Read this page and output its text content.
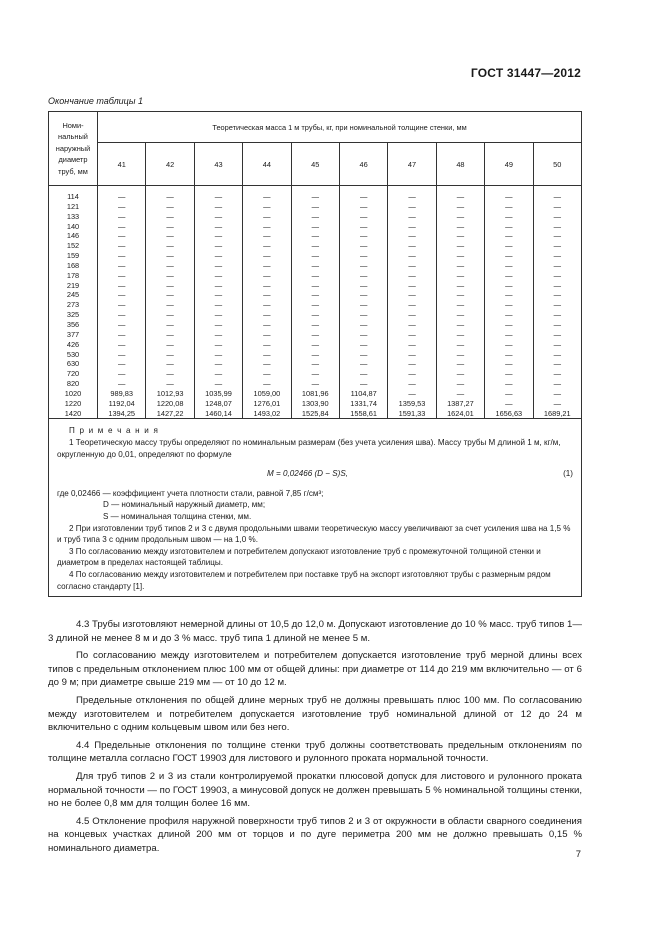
ГОСТ 31447—2012
Окончание таблицы 1
Номи-
нальный
наружный
диаметр
труб, мм	Теоретическая масса 1 м трубы, кг, при номинальной толщине стенки, мм									
	41	42	43	44	45	46	47	48	49	50
114	—	—	—	—	—	—	—	—	—	—
121	—	—	—	—	—	—	—	—	—	—
133	—	—	—	—	—	—	—	—	—	—
140	—	—	—	—	—	—	—	—	—	—
146	—	—	—	—	—	—	—	—	—	—
152	—	—	—	—	—	—	—	—	—	—
159	—	—	—	—	—	—	—	—	—	—
168	—	—	—	—	—	—	—	—	—	—
178	—	—	—	—	—	—	—	—	—	—
219	—	—	—	—	—	—	—	—	—	—
245	—	—	—	—	—	—	—	—	—	—
273	—	—	—	—	—	—	—	—	—	—
325	—	—	—	—	—	—	—	—	—	—
356	—	—	—	—	—	—	—	—	—	—
377	—	—	—	—	—	—	—	—	—	—
426	—	—	—	—	—	—	—	—	—	—
530	—	—	—	—	—	—	—	—	—	—
630	—	—	—	—	—	—	—	—	—	—
720	—	—	—	—	—	—	—	—	—	—
820	—	—	—	—	—	—	—	—	—	—
1020	989,83	1012,93	1035,99	1059,00	1081,96	1104,87	—	—	—	—
1220	1192,04	1220,08	1248,07	1276,01	1303,90	1331,74	1359,53	1387,27	—	—
1420	1394,25	1427,22	1460,14	1493,02	1525,84	1558,61	1591,33	1624,01	1656,63	1689,21

П р и м е ч а н и я

1 Теоретическую массу трубы определяют по номинальным размерам (без учета усиления шва). Массу трубы M длиной 1 м, кг/м, округленную до 0,01, определяют по формуле

M = 0,02466 (D − S)S,	(1)

где 0,02466 — коэффициент учета плотности стали, равной 7,85 г/см³;

D — номинальный наружный диаметр, мм;

S — номинальная толщина стенки, мм.

2 При изготовлении труб типов 2 и 3 с двумя продольными швами теоретическую массу увеличивают за счет усиления шва на 1,5 % и труб типа 3 с одним продольным швом — на 1,0 %.

3 По согласованию между изготовителем и потребителем допускают изготовление труб с промежуточной толщиной стенки и диаметром в пределах настоящей таблицы.

4 По согласованию между изготовителем и потребителем при поставке труб на экспорт изготовляют трубы с размерным рядом согласно стандарту [1].

4.3 Трубы изготовляют немерной длины от 10,5 до 12,0 м. Допускают изготовление до 10 % масс. труб типов 1—3 длиной не менее 8 м и до 3 % масс. труб типа 1 длиной не менее 5 м.

По согласованию между изготовителем и потребителем допускается изготовление труб мерной длины всех типов с предельным отклонением плюс 100 мм от общей длины: при диаметре от 114 до 219 мм включительно — от 6 до 9 м; при диаметре свыше 219 мм — от 10 до 12 м.

Предельные отклонения по общей длине мерных труб не должны превышать плюс 100 мм. По согласованию между изготовителем и потребителем допускается изготовление труб номинальной длиной от 12 до 24 м включительно с одним кольцевым швом или без него.

4.4 Предельные отклонения по толщине стенки труб должны соответствовать предельным отклонениям по толщине металла согласно ГОСТ 19903 для листового и рулонного проката нормальной точности.

Для труб типов 2 и 3 из стали контролируемой прокатки плюсовой допуск для листового и рулонного проката нормальной точности — по ГОСТ 19903, а минусовой допуск не должен превышать 5 % номинальной толщины стенки, но не более 0,8 мм для толщин более 16 мм.

4.5 Отклонение профиля наружной поверхности труб типов 2 и 3 от окружности в области сварного соединения на концевых участках длиной 200 мм от торцов и по дуге периметра 200 мм не должно превышать 0,15 % номинального диаметра.

7
